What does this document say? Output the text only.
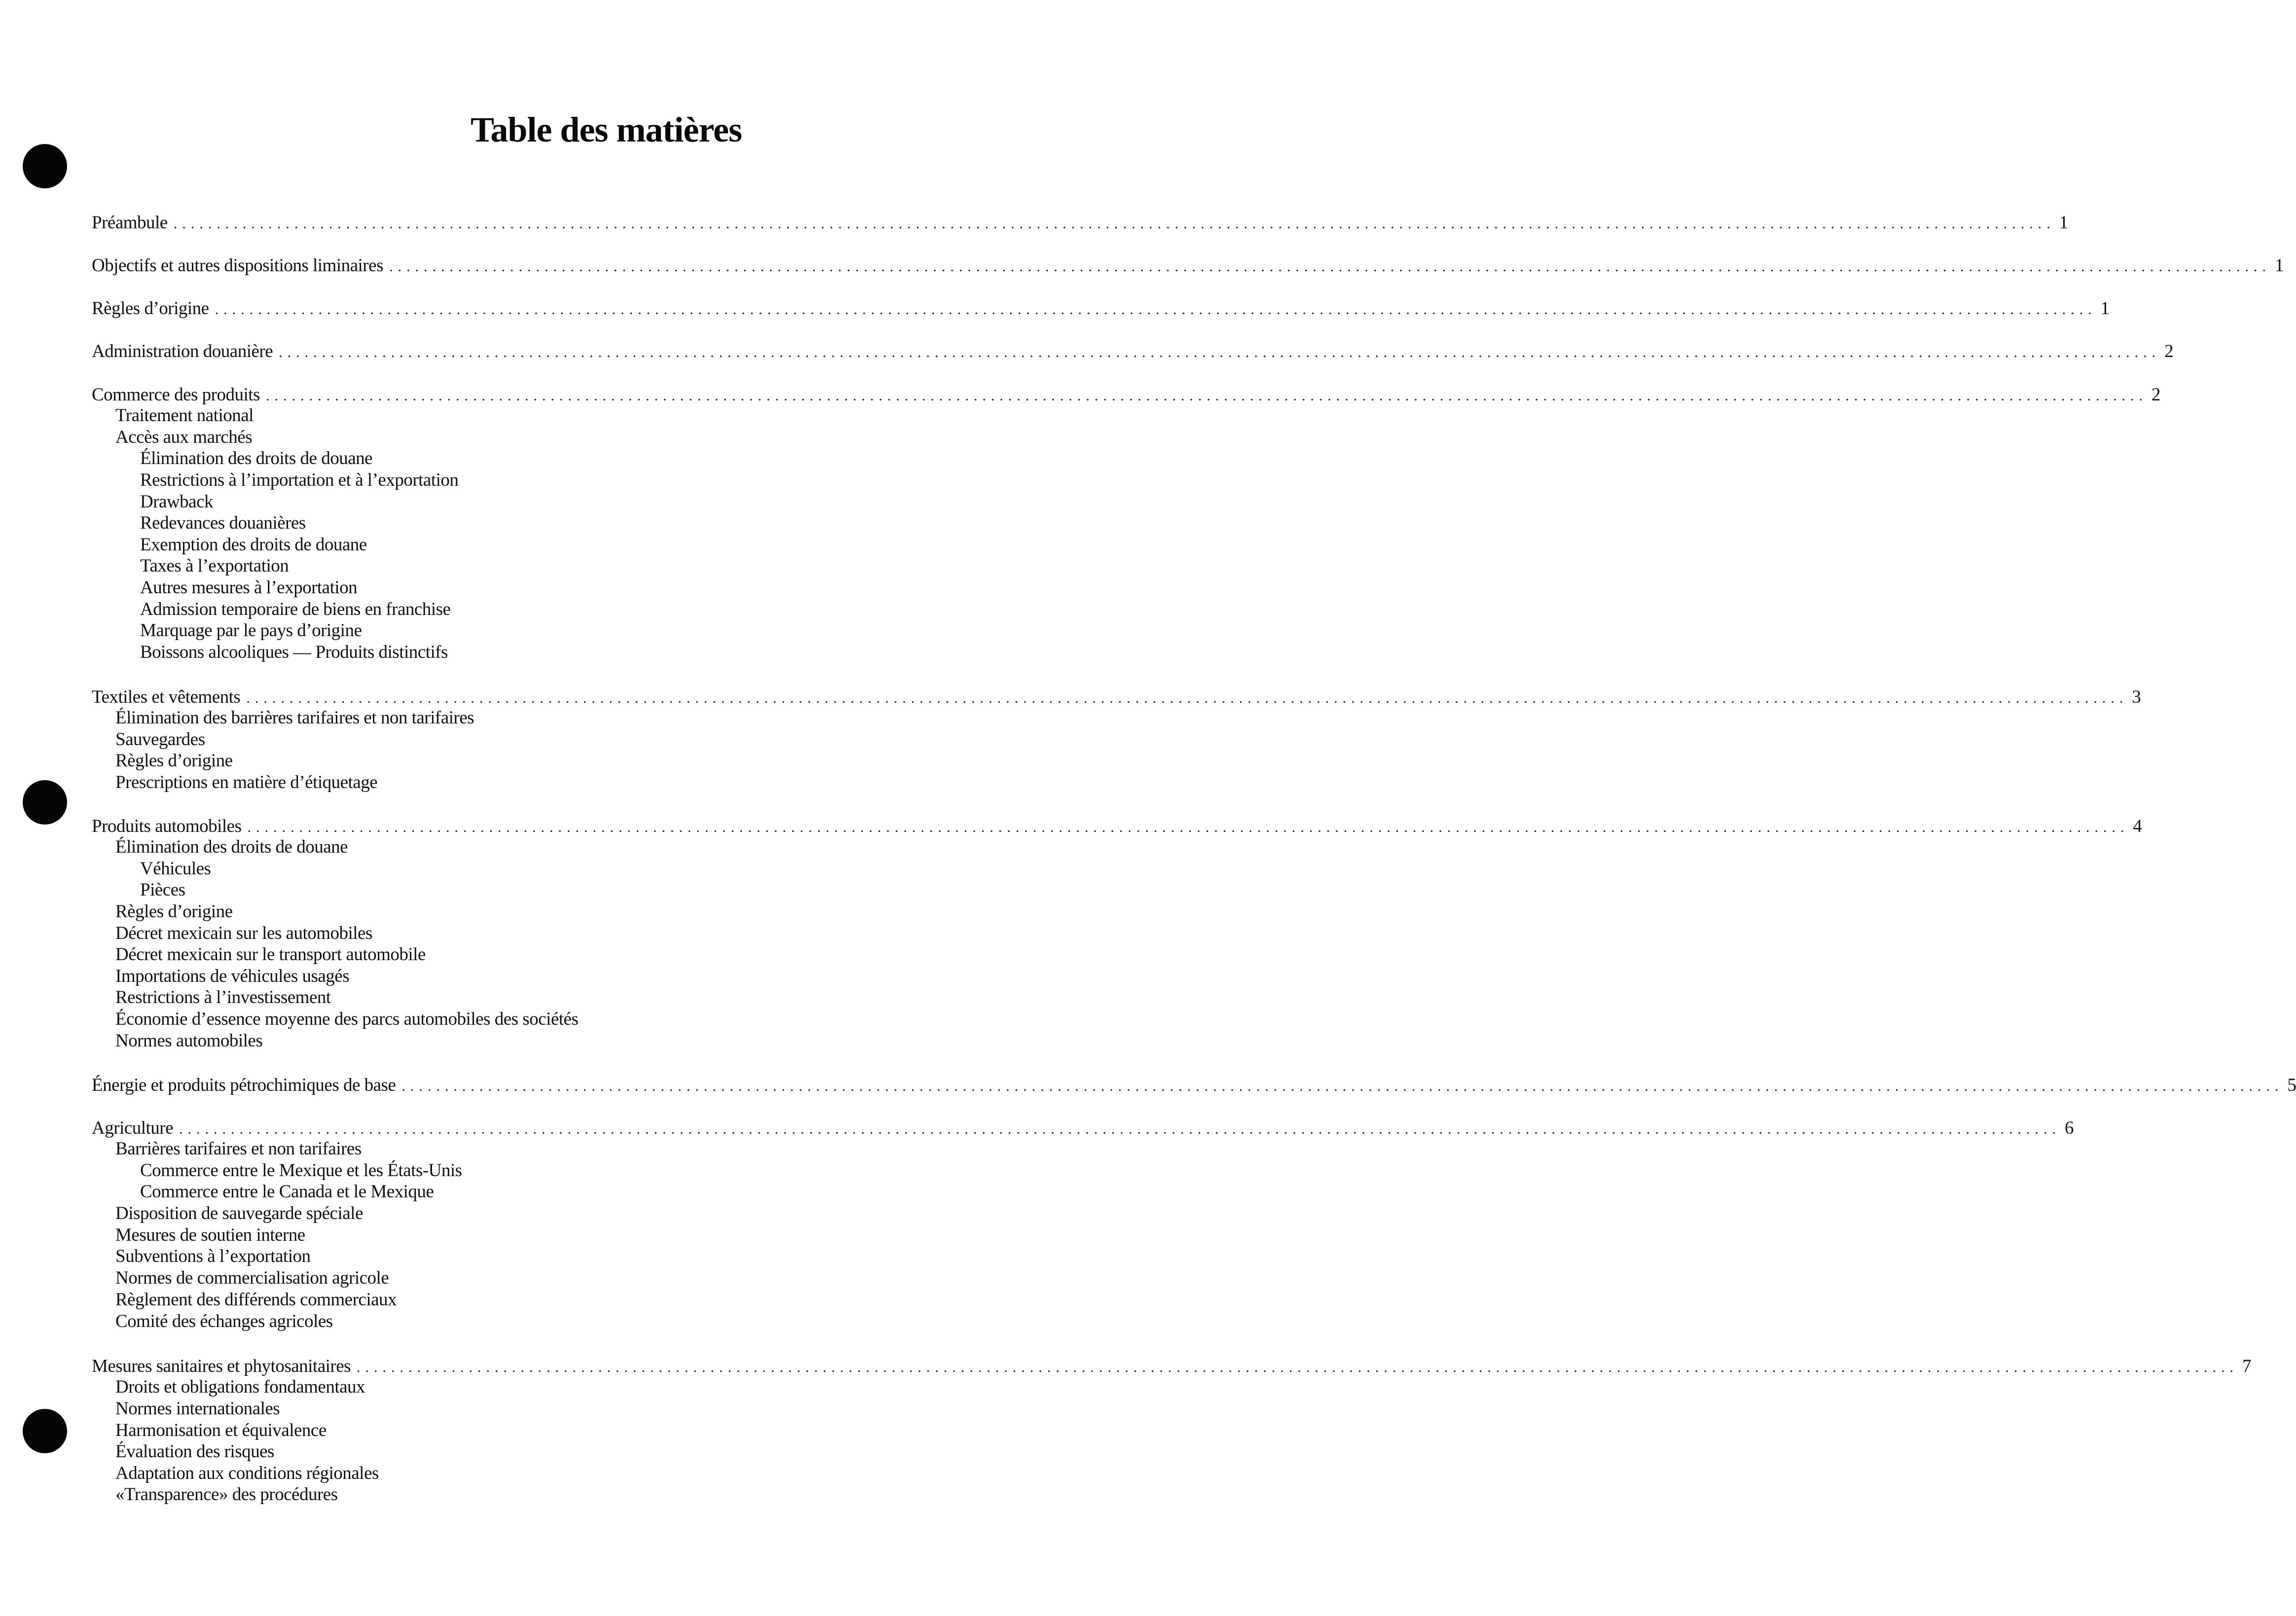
Table des matières
Préambule .......................................................................................................................................................................................................................... 1
Objectifs et autres dispositions liminaires .......................................................................................................................................................................................................................... 1
Règles d’origine .......................................................................................................................................................................................................................... 1
Administration douanière .......................................................................................................................................................................................................................... 2
Commerce des produits .......................................................................................................................................................................................................................... 2
Traitement national
Accès aux marchés
Élimination des droits de douane
Restrictions à l’importation et à l’exportation
Drawback
Redevances douanières
Exemption des droits de douane
Taxes à l’exportation
Autres mesures à l’exportation
Admission temporaire de biens en franchise
Marquage par le pays d’origine
Boissons alcooliques — Produits distinctifs
Textiles et vêtements .......................................................................................................................................................................................................................... 3
Élimination des barrières tarifaires et non tarifaires
Sauvegardes
Règles d’origine
Prescriptions en matière d’étiquetage
Produits automobiles .......................................................................................................................................................................................................................... 4
Élimination des droits de douane
Véhicules
Pièces
Règles d’origine
Décret mexicain sur les automobiles
Décret mexicain sur le transport automobile
Importations de véhicules usagés
Restrictions à l’investissement
Économie d’essence moyenne des parcs automobiles des sociétés
Normes automobiles
Énergie et produits pétrochimiques de base .......................................................................................................................................................................................................................... 5
Agriculture .......................................................................................................................................................................................................................... 6
Barrières tarifaires et non tarifaires
Commerce entre le Mexique et les États-Unis
Commerce entre le Canada et le Mexique
Disposition de sauvegarde spéciale
Mesures de soutien interne
Subventions à l’exportation
Normes de commercialisation agricole
Règlement des différends commerciaux
Comité des échanges agricoles
Mesures sanitaires et phytosanitaires .......................................................................................................................................................................................................................... 7
Droits et obligations fondamentaux
Normes internationales
Harmonisation et équivalence
Évaluation des risques
Adaptation aux conditions régionales
«Transparence» des procédures
